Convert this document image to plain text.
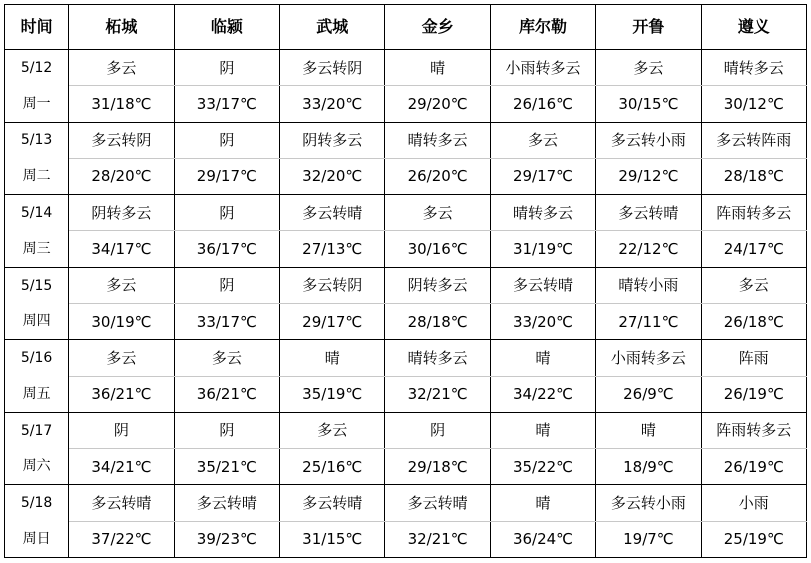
时间	柘城	临颍	武城	金乡	库尔勒	开鲁	遵义
5/12	多云	阴	多云转阴	晴	小雨转多云	多云	晴转多云
周一	31/18℃	33/17℃	33/20℃	29/20℃	26/16℃	30/15℃	30/12℃
5/13	多云转阴	阴	阴转多云	晴转多云	多云	多云转小雨	多云转阵雨
周二	28/20℃	29/17℃	32/20℃	26/20℃	29/17℃	29/12℃	28/18℃
5/14	阴转多云	阴	多云转晴	多云	晴转多云	多云转晴	阵雨转多云
周三	34/17℃	36/17℃	27/13℃	30/16℃	31/19℃	22/12℃	24/17℃
5/15	多云	阴	多云转阴	阴转多云	多云转晴	晴转小雨	多云
周四	30/19℃	33/17℃	29/17℃	28/18℃	33/20℃	27/11℃	26/18℃
5/16	多云	多云	晴	晴转多云	晴	小雨转多云	阵雨
周五	36/21℃	36/21℃	35/19℃	32/21℃	34/22℃	26/9℃	26/19℃
5/17	阴	阴	多云	阴	晴	晴	阵雨转多云
周六	34/21℃	35/21℃	25/16℃	29/18℃	35/22℃	18/9℃	26/19℃
5/18	多云转晴	多云转晴	多云转晴	多云转晴	晴	多云转小雨	小雨
周日	37/22℃	39/23℃	31/15℃	32/21℃	36/24℃	19/7℃	25/19℃
